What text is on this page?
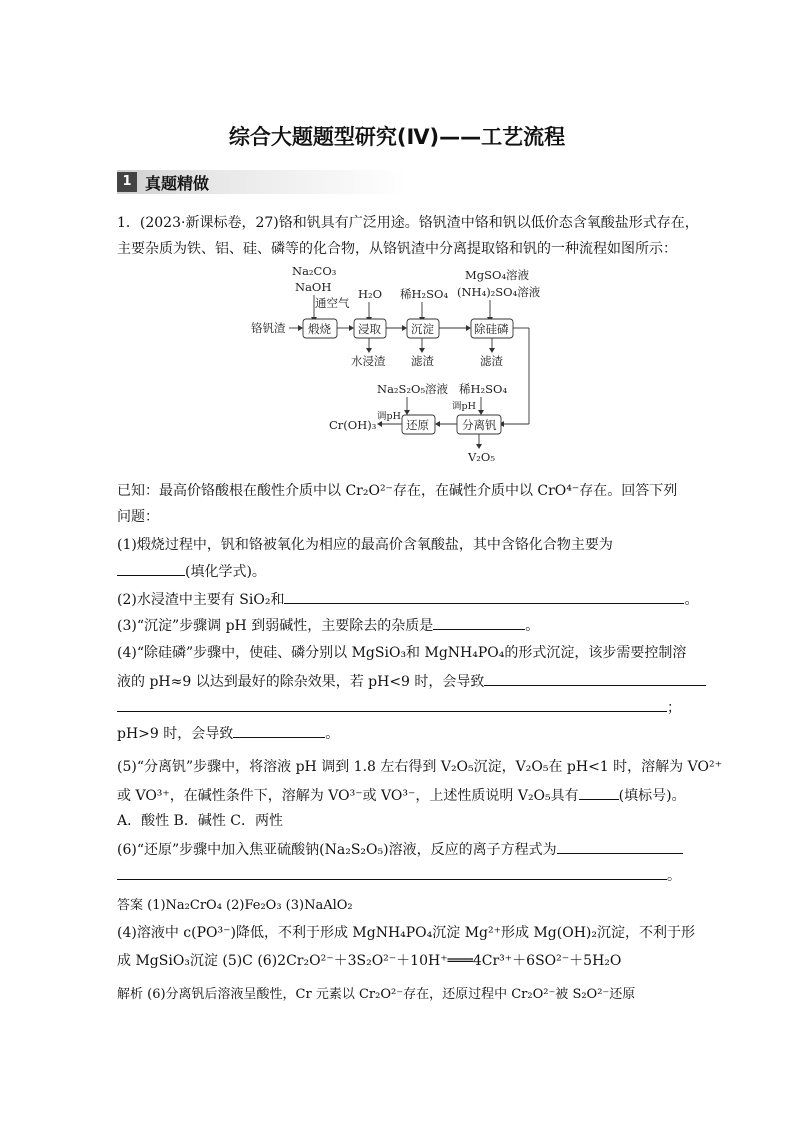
综合大题题型研究(Ⅳ)——工艺流程
1 真题精做
1．(2023·新课标卷，27)铬和钒具有广泛用途。铬钒渣中铬和钒以低价态含氧酸盐形式存在，
主要杂质为铁、铝、硅、磷等的化合物，从铬钒渣中分离提取铬和钒的一种流程如图所示：
Na₂CO₃
NaOH
通空气
H₂O 稀H₂SO₄
MgSO₄溶液
(NH₄)₂SO₄溶液
铬钒渣 煅烧 浸取	沉淀	除硅磷
水浸渣 滤渣	滤渣
Na₂S₂O₅溶液 稀H₂SO₄
调pH
分离钒
还原
调pH
Cr(OH)₃
V₂O₅
已知：最高价铬酸根在酸性介质中以 Cr₂O²⁻存在，在碱性介质中以 CrO⁴⁻存在。回答下列
问题：
(1)煅烧过程中，钒和铬被氧化为相应的最高价含氧酸盐，其中含铬化合物主要为
(填化学式)。
(2)水浸渣中主要有 SiO₂和	。
(3)“沉淀”步骤调 pH 到弱碱性，主要除去的杂质是	。
(4)“除硅磷”步骤中，使硅、磷分别以 MgSiO₃和 MgNH₄PO₄的形式沉淀，该步需要控制溶
液的 pH≈9 以达到最好的除杂效果，若 pH<9 时，会导致
；
pH>9 时，会导致	。
(5)“分离钒”步骤中，将溶液 pH 调到 1.8 左右得到 V₂O₅沉淀，V₂O₅在 pH<1 时，溶解为 VO²⁺
或 VO³⁺，在碱性条件下，溶解为 VO³⁻或 VO³⁻，上述性质说明 V₂O₅具有	(填标号)。
A．酸性 B．碱性 C．两性
(6)“还原”步骤中加入焦亚硫酸钠(Na₂S₂O₅)溶液，反应的离子方程式为
。
答案 (1)Na₂CrO₄ (2)Fe₂O₃ (3)NaAlO₂
(4)溶液中 c(PO³⁻)降低，不利于形成 MgNH₄PO₄沉淀 Mg²⁺形成 Mg(OH)₂沉淀，不利于形
成 MgSiO₃沉淀 (5)C (6)2Cr₂O²⁻＋3S₂O²⁻＋10H⁺═══4Cr³⁺＋6SO²⁻＋5H₂O
解析 (6)分离钒后溶液呈酸性，Cr 元素以 Cr₂O²⁻存在，还原过程中 Cr₂O²⁻被 S₂O²⁻还原
